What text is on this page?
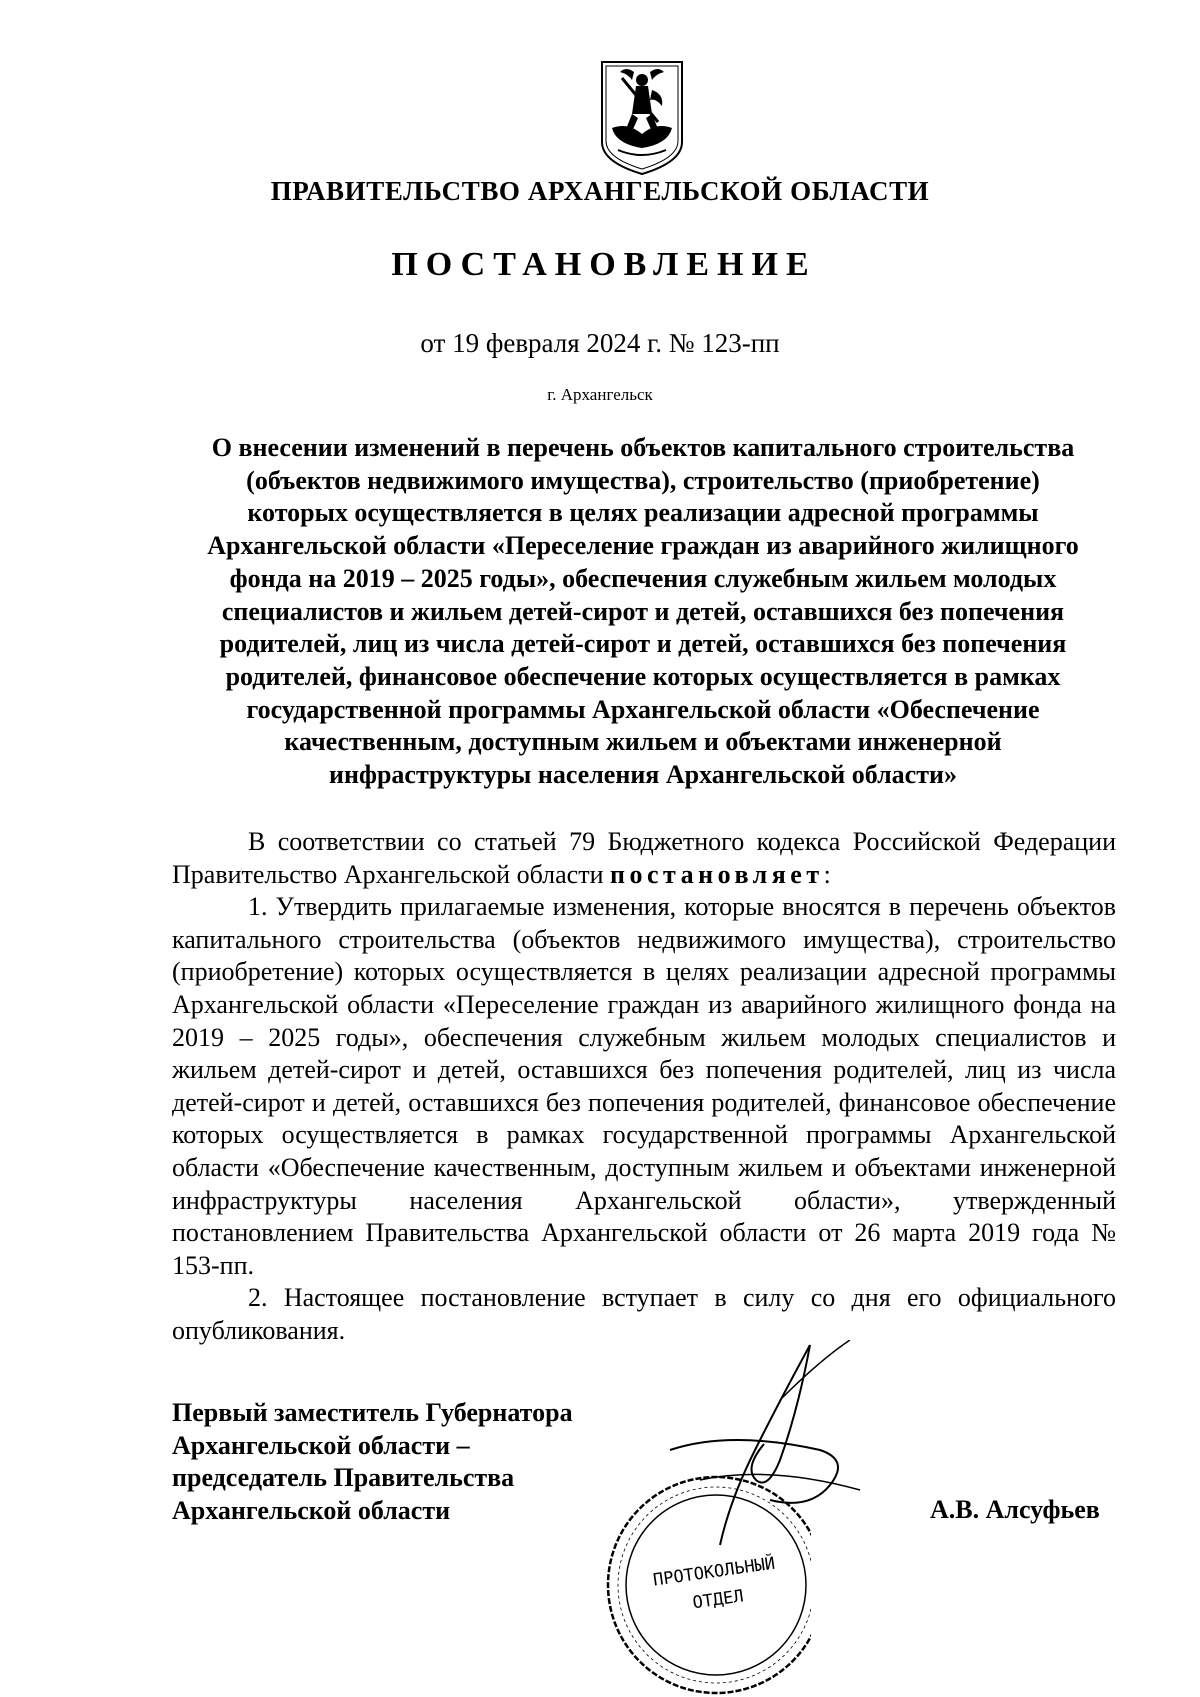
ПРАВИТЕЛЬСТВО АРХАНГЕЛЬСКОЙ ОБЛАСТИ
ПОСТАНОВЛЕНИЕ
от 19 февраля 2024 г. № 123-пп
г. Архангельск
О внесении изменений в перечень объектов капитального строительства
(объектов недвижимого имущества), строительство (приобретение)
которых осуществляется в целях реализации адресной программы
Архангельской области «Переселение граждан из аварийного жилищного
фонда на 2019 – 2025 годы», обеспечения служебным жильем молодых
специалистов и жильем детей-сирот и детей, оставшихся без попечения
родителей, лиц из числа детей-сирот и детей, оставшихся без попечения
родителей, финансовое обеспечение которых осуществляется в рамках
государственной программы Архангельской области «Обеспечение
качественным, доступным жильем и объектами инженерной
инфраструктуры населения Архангельской области»

В соответствии со статьей 79 Бюджетного кодекса Российской Федерации Правительство Архангельской области постановляет:

1. Утвердить прилагаемые изменения, которые вносятся в перечень объектов капитального строительства (объектов недвижимого имущества), строительство (приобретение) которых осуществляется в целях реализации адресной программы Архангельской области «Переселение граждан из аварийного жилищного фонда на 2019 – 2025 годы», обеспечения служебным жильем молодых специалистов и жильем детей-сирот и детей, оставшихся без попечения родителей, лиц из числа детей-сирот и детей, оставшихся без попечения родителей, финансовое обеспечение которых осуществляется в рамках государственной программы Архангельской области «Обеспечение качественным, доступным жильем и объектами инженерной инфраструктуры населения Архангельской области», утвержденный постановлением Правительства Архангельской области от 26 марта 2019 года № 153-пп.

2. Настоящее постановление вступает в силу со дня его официального опубликования.

Первый заместитель Губернатора
Архангельской области –
председатель Правительства
Архангельской области	А.В. Алсуфьев
ПРОТОКОЛЬНЫЙ
ОТДЕЛ
